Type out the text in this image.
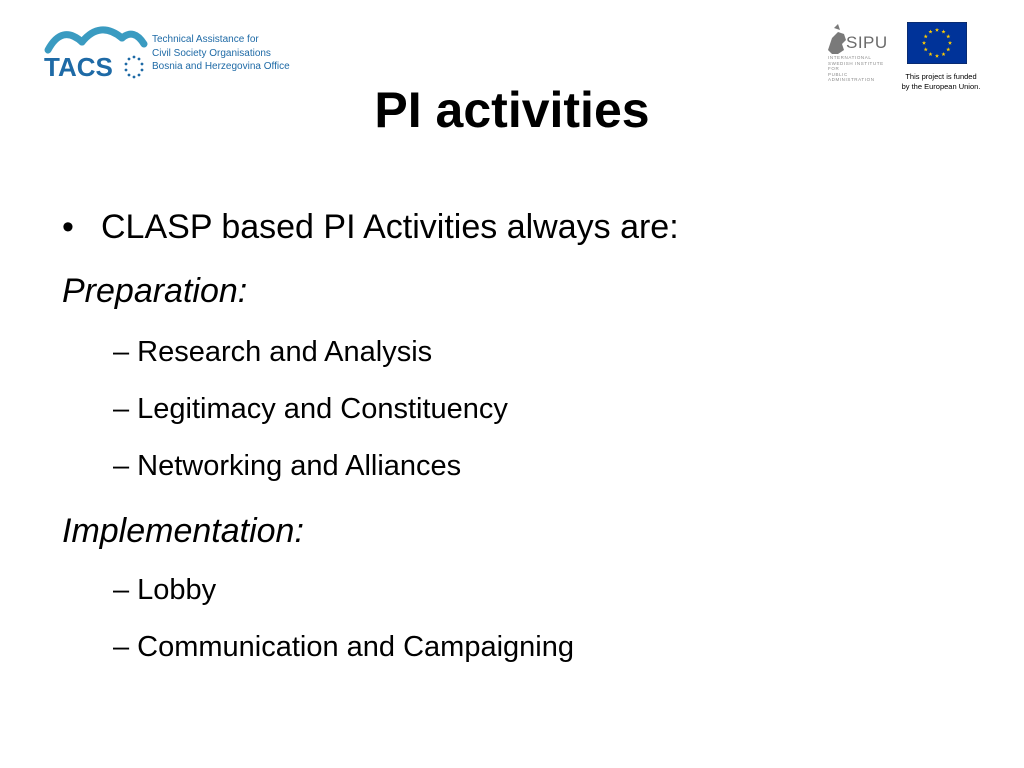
TACS
Technical Assistance for
Civil Society Organisations
Bosnia and Herzegovina Office
SIPU
INTERNATIONAL
SWEDISH INSTITUTE FOR
PUBLIC ADMINISTRATION	This project is funded
by the European Union.
PI activities
• CLASP based PI Activities always are:
Preparation:
– Research and Analysis
– Legitimacy and Constituency
– Networking and Alliances
Implementation:
– Lobby
– Communication and Campaigning
